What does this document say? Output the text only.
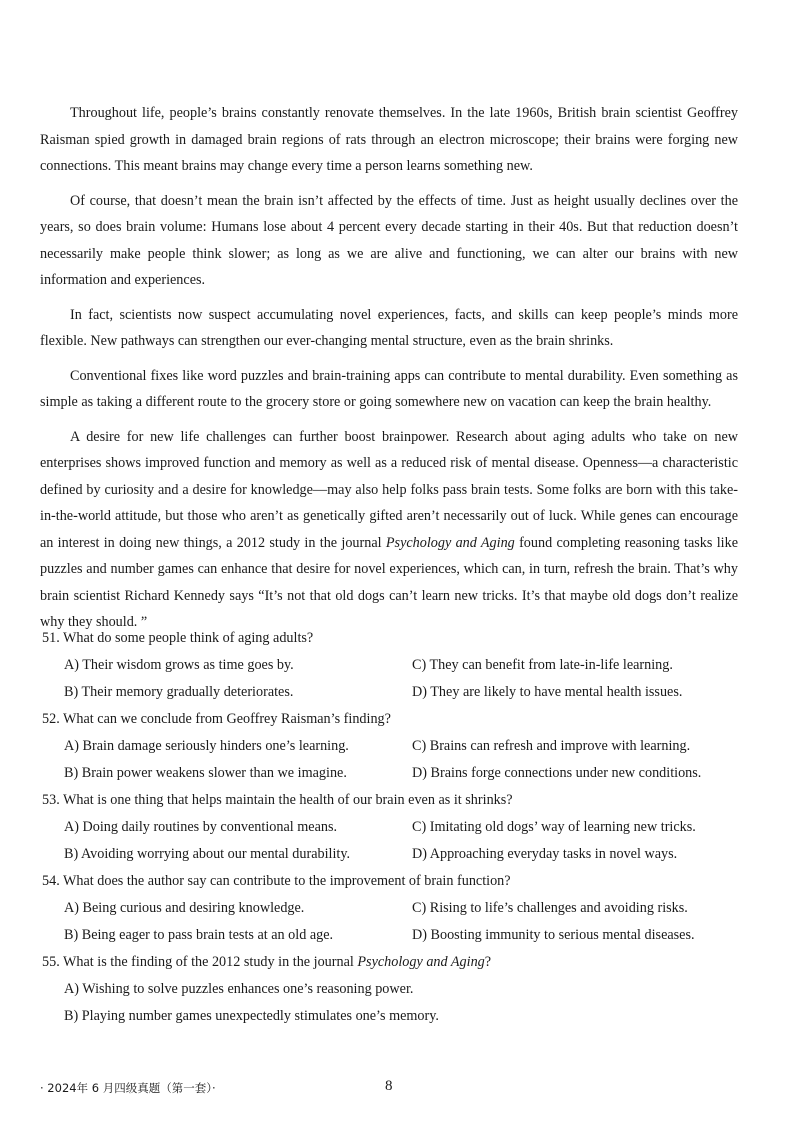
Throughout life, people’s brains constantly renovate themselves. In the late 1960s, British brain scientist Geoffrey Raisman spied growth in damaged brain regions of rats through an electron microscope; their brains were forging new connections. This meant brains may change every time a person learns something new.

Of course, that doesn’t mean the brain isn’t affected by the effects of time. Just as height usually declines over the years, so does brain volume: Humans lose about 4 percent every decade starting in their 40s. But that reduction doesn’t necessarily make people think slower; as long as we are alive and functioning, we can alter our brains with new information and experiences.

In fact, scientists now suspect accumulating novel experiences, facts, and skills can keep people’s minds more flexible. New pathways can strengthen our ever-changing mental structure, even as the brain shrinks.

Conventional fixes like word puzzles and brain-training apps can contribute to mental durability. Even something as simple as taking a different route to the grocery store or going somewhere new on vacation can keep the brain healthy.

A desire for new life challenges can further boost brainpower. Research about aging adults who take on new enterprises shows improved function and memory as well as a reduced risk of mental disease. Openness—a characteristic defined by curiosity and a desire for knowledge—may also help folks pass brain tests. Some folks are born with this take-in-the-world attitude, but those who aren’t as genetically gifted aren’t necessarily out of luck. While genes can encourage an interest in doing new things, a 2012 study in the journal Psychology and Aging found completing reasoning tasks like puzzles and number games can enhance that desire for novel experiences, which can, in turn, refresh the brain. That’s why brain scientist Richard Kennedy says “It’s not that old dogs can’t learn new tricks. It’s that maybe old dogs don’t realize why they should. ”

51. What do some people think of aging adults?
A) Their wisdom grows as time goes by.	C) They can benefit from late-in-life learning.
B) Their memory gradually deteriorates.	D) They are likely to have mental health issues.
52. What can we conclude from Geoffrey Raisman’s finding?
A) Brain damage seriously hinders one’s learning.	C) Brains can refresh and improve with learning.
B) Brain power weakens slower than we imagine.	D) Brains forge connections under new conditions.
53. What is one thing that helps maintain the health of our brain even as it shrinks?
A) Doing daily routines by conventional means.	C) Imitating old dogs’ way of learning new tricks.
B) Avoiding worrying about our mental durability.	D) Approaching everyday tasks in novel ways.
54. What does the author say can contribute to the improvement of brain function?
A) Being curious and desiring knowledge.	C) Rising to life’s challenges and avoiding risks.
B) Being eager to pass brain tests at an old age.	D) Boosting immunity to serious mental diseases.
55. What is the finding of the 2012 study in the journal Psychology and Aging?
A) Wishing to solve puzzles enhances one’s reasoning power.
B) Playing number games unexpectedly stimulates one’s memory.
· 2024年 6 月四级真题（第一套）·	8
